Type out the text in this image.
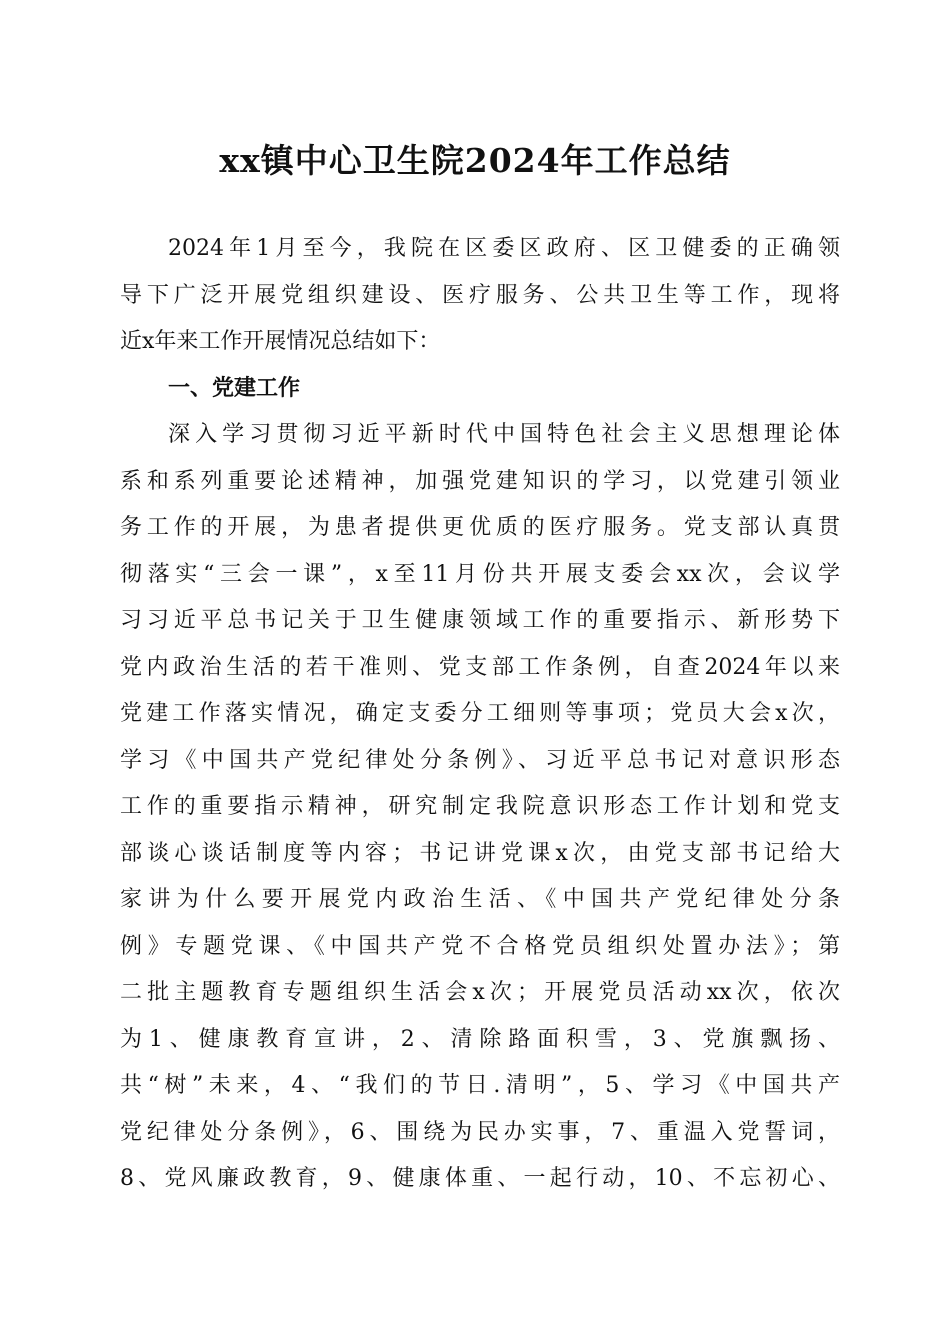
xx镇中心卫生院2024年工作总结
2024年1月至今，我院在区委区政府、区卫健委的正确领
导下广泛开展党组织建设、医疗服务、公共卫生等工作，现将
近x年来工作开展情况总结如下：
一、党建工作
深入学习贯彻习近平新时代中国特色社会主义思想理论体
系和系列重要论述精神，加强党建知识的学习，以党建引领业
务工作的开展，为患者提供更优质的医疗服务。党支部认真贯
彻落实“三会一课”，x至11月份共开展支委会xx次，会议学
习习近平总书记关于卫生健康领域工作的重要指示、新形势下
党内政治生活的若干准则、党支部工作条例，自查2024年以来
党建工作落实情况，确定支委分工细则等事项；党员大会x次，
学习《中国共产党纪律处分条例》、习近平总书记对意识形态
工作的重要指示精神，研究制定我院意识形态工作计划和党支
部谈心谈话制度等内容；书记讲党课x次，由党支部书记给大
家讲为什么要开展党内政治生活、《中国共产党纪律处分条
例》专题党课、《中国共产党不合格党员组织处置办法》；第
二批主题教育专题组织生活会x次；开展党员活动xx次，依次
为1、健康教育宣讲，2、清除路面积雪，3、党旗飘扬、
共“树”未来，4、“我们的节日.清明”，5、学习《中国共产
党纪律处分条例》，6、围绕为民办实事，7、重温入党誓词，
8、党风廉政教育，9、健康体重、一起行动，10、不忘初心、
